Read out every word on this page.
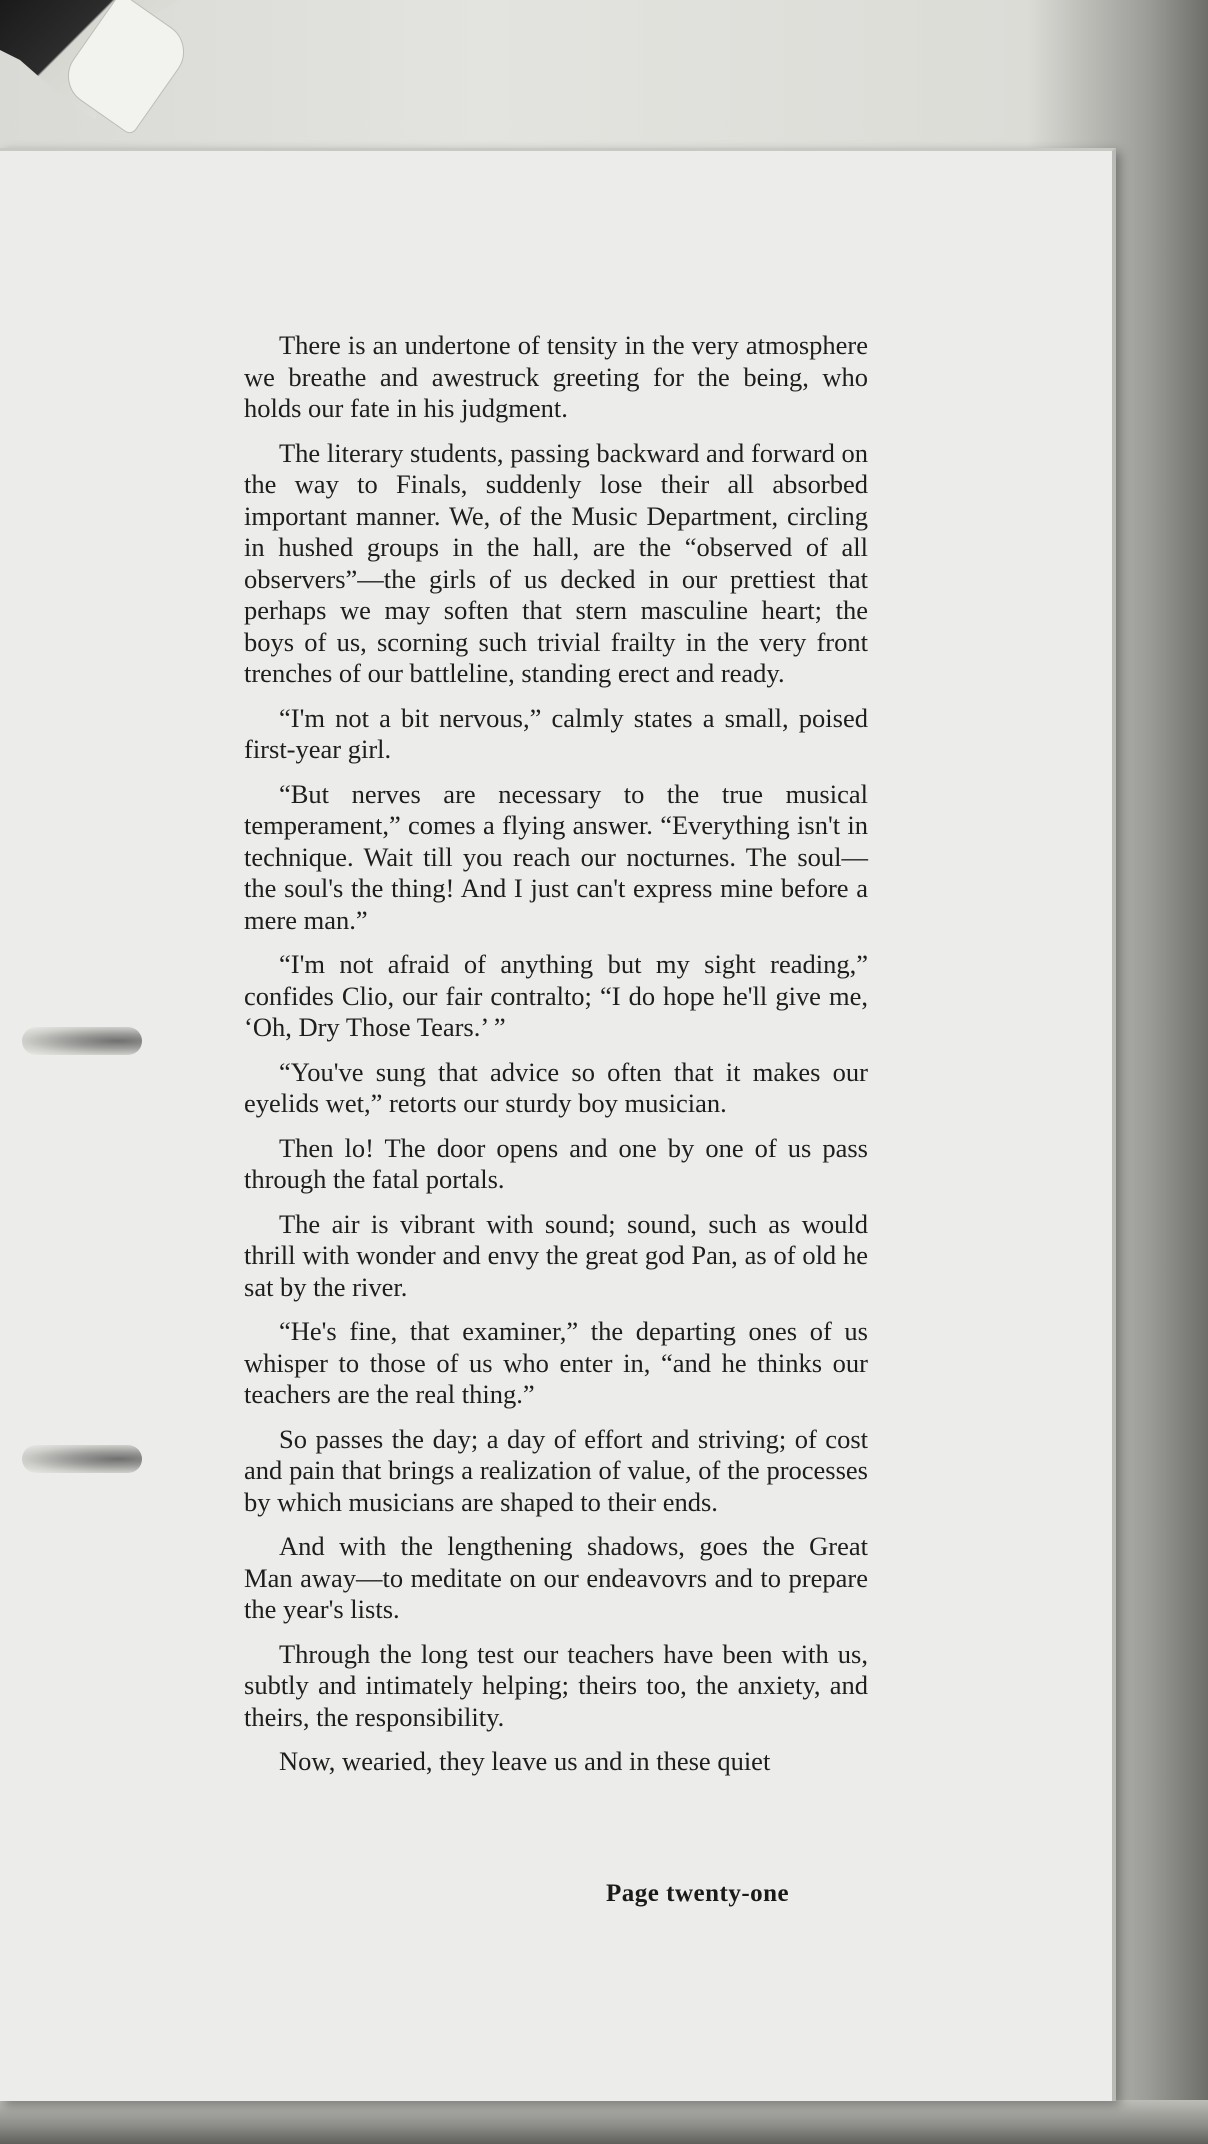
There is an undertone of tensity in the very atmosphere we breathe and awestruck greeting for the being, who holds our fate in his judgment.

The literary students, passing backward and forward on the way to Finals, suddenly lose their all absorbed important manner. We, of the Music Department, circling in hushed groups in the hall, are the “observed of all observers”—the girls of us decked in our prettiest that perhaps we may soften that stern masculine heart; the boys of us, scorning such trivial frailty in the very front trenches of our battleline, standing erect and ready.

“I'm not a bit nervous,” calmly states a small, poised first-year girl.

“But nerves are necessary to the true musical temperament,” comes a flying answer. “Everything isn't in technique. Wait till you reach our nocturnes. The soul—the soul's the thing! And I just can't express mine before a mere man.”

“I'm not afraid of anything but my sight reading,” confides Clio, our fair contralto; “I do hope he'll give me, ‘Oh, Dry Those Tears.’ ”

“You've sung that advice so often that it makes our eyelids wet,” retorts our sturdy boy musician.

Then lo! The door opens and one by one of us pass through the fatal portals.

The air is vibrant with sound; sound, such as would thrill with wonder and envy the great god Pan, as of old he sat by the river.

“He's fine, that examiner,” the departing ones of us whisper to those of us who enter in, “and he thinks our teachers are the real thing.”

So passes the day; a day of effort and striving; of cost and pain that brings a realization of value, of the processes by which musicians are shaped to their ends.

And with the lengthening shadows, goes the Great Man away—to meditate on our endeavovrs and to prepare the year's lists.

Through the long test our teachers have been with us, subtly and intimately helping; theirs too, the anxiety, and theirs, the responsibility.

Now, wearied, they leave us and in these quiet

Page twenty-one
